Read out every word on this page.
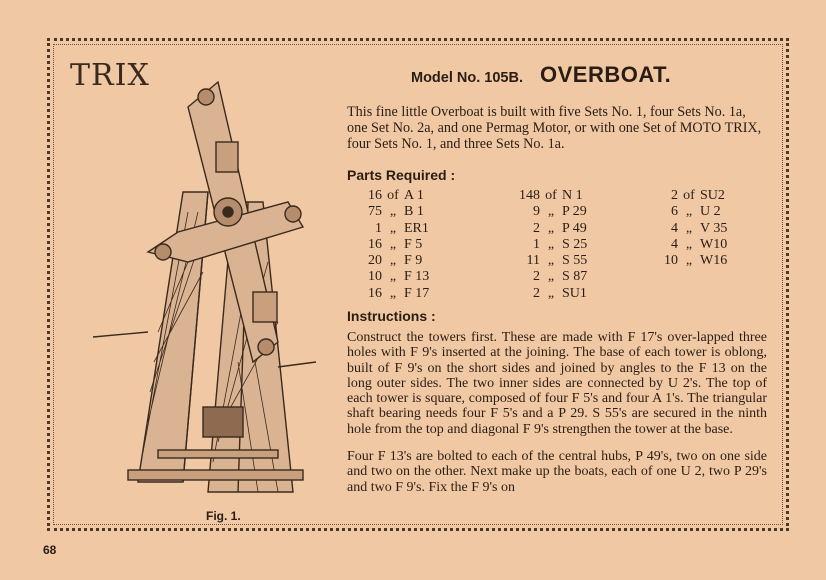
TRIX	Model No. 105B. OVERBOAT.
This fine little Overboat is built with five Sets No. 1, four Sets No. 1a, one Set No. 2a, and one Permag Motor, or with one Set of MOTO TRIX, four Sets No. 1, and three Sets No. 1a.
Parts Required :
16 of A 1
75 „ B 1
1 „ ER1
16 „ F 5
20 „ F 9
10 „ F 13
16 „ F 17
148 of N 1
9 „ P 29
2 „ P 49
1 „ S 25
11 „ S 55
2 „ S 87
2 „ SU1
2 of SU2
6 „ U 2
4 „ V 35
4 „ W10
10 „ W16
Instructions :

Construct the towers first. These are made with F 17's over-lapped three holes with F 9's inserted at the joining. The base of each tower is oblong, built of F 9's on the short sides and joined by angles to the F 13 on the long outer sides. The two inner sides are connected by U 2's. The top of each tower is square, composed of four F 5's and four A 1's. The triangular shaft bearing needs four F 5's and a P 29. S 55's are secured in the ninth hole from the top and diagonal F 9's strengthen the tower at the base.

Four F 13's are bolted to each of the central hubs, P 49's, two on one side and two on the other. Next make up the boats, each of one U 2, two P 29's and two F 9's. Fix the F 9's on

Fig. 1.
68
